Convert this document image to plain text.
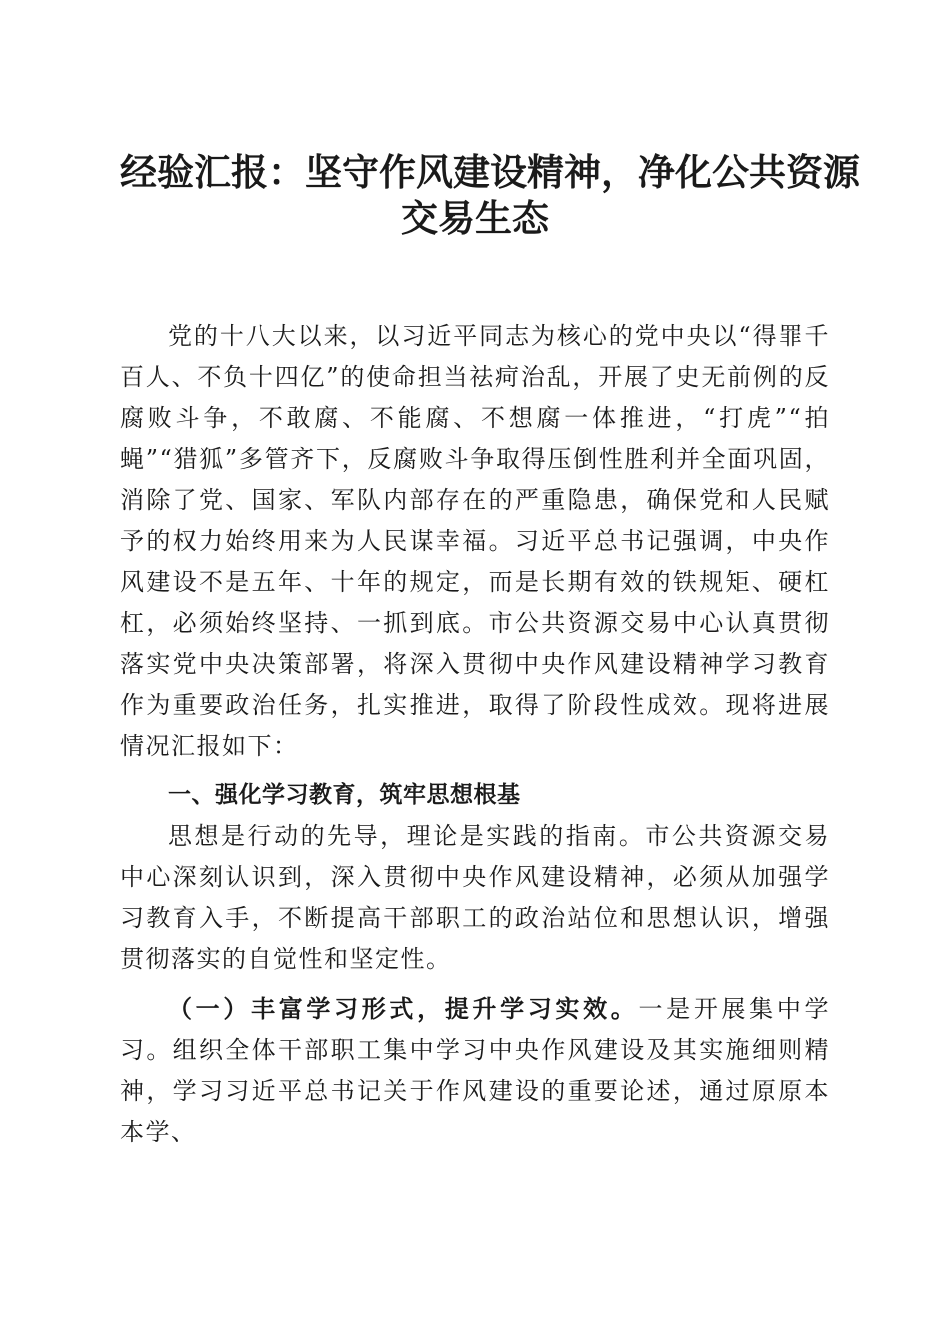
经验汇报：坚守作风建设精神，净化公共资源
交易生态

党的十八大以来，以习近平同志为核心的党中央以“得罪千百人、不负十四亿”的使命担当祛疴治乱，开展了史无前例的反腐败斗争，不敢腐、不能腐、不想腐一体推进，“打虎”“拍蝇”“猎狐”多管齐下，反腐败斗争取得压倒性胜利并全面巩固，消除了党、国家、军队内部存在的严重隐患，确保党和人民赋予的权力始终用来为人民谋幸福。习近平总书记强调，中央作风建设不是五年、十年的规定，而是长期有效的铁规矩、硬杠杠，必须始终坚持、一抓到底。市公共资源交易中心认真贯彻落实党中央决策部署，将深入贯彻中央作风建设精神学习教育作为重要政治任务，扎实推进，取得了阶段性成效。现将进展情况汇报如下：

一、强化学习教育，筑牢思想根基

思想是行动的先导，理论是实践的指南。市公共资源交易中心深刻认识到，深入贯彻中央作风建设精神，必须从加强学习教育入手，不断提高干部职工的政治站位和思想认识，增强贯彻落实的自觉性和坚定性。

（一）丰富学习形式，提升学习实效。一是开展集中学习。组织全体干部职工集中学习中央作风建设及其实施细则精神，学习习近平总书记关于作风建设的重要论述，通过原原本本学、
